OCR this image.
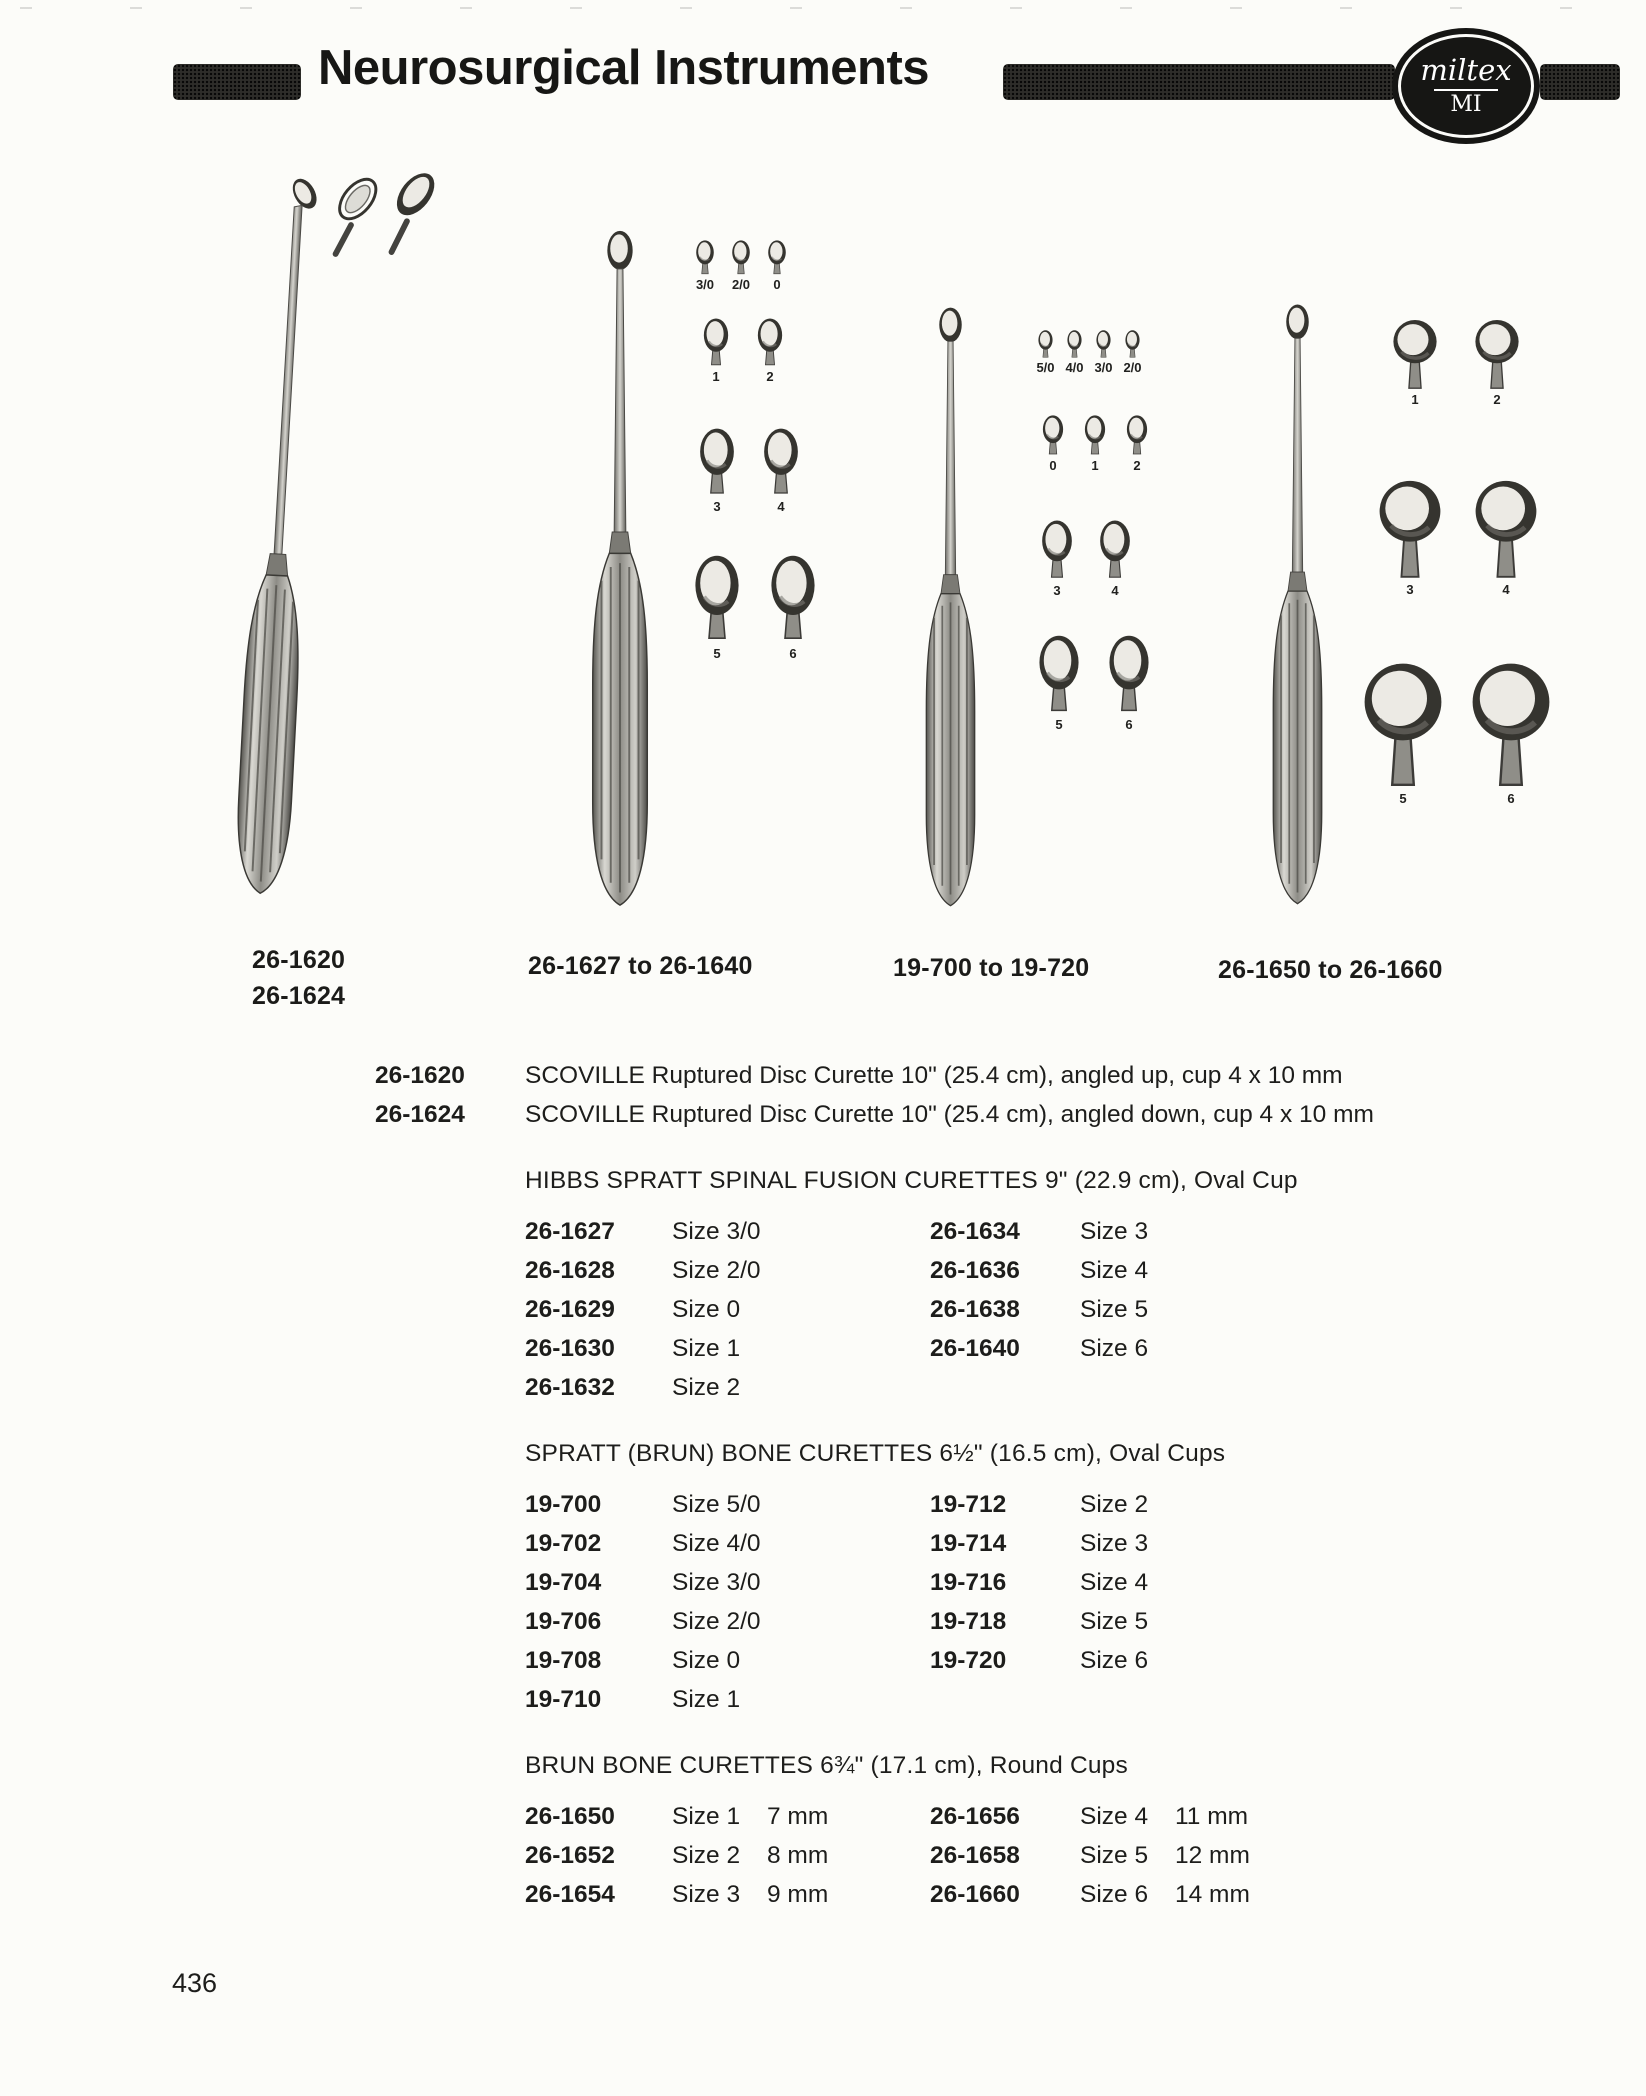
Neurosurgical Instruments	miltex
MI
26-1620
26-1624
3/0 2/0 0
1	2
3	4
5	6
26-1627 to 26-1640
5/0 4/0 3/0 2/0
0	1	2
3	4
5	6
19-700 to 19-720
1	2
3	4
5	6
26-1650 to 26-1660
26-1620	SCOVILLE Ruptured Disc Curette 10" (25.4 cm), angled up, cup 4 x 10 mm
26-1624	SCOVILLE Ruptured Disc Curette 10" (25.4 cm), angled down, cup 4 x 10 mm
HIBBS SPRATT SPINAL FUSION CURETTES 9" (22.9 cm), Oval Cup
26-1627	Size 3/0
26-1628	Size 2/0
26-1629	Size 0
26-1630	Size 1
26-1632	Size 2
26-1634	Size 3
26-1636	Size 4
26-1638	Size 5
26-1640	Size 6
SPRATT (BRUN) BONE CURETTES 6½" (16.5 cm), Oval Cups
19-700	Size 5/0
19-702	Size 4/0
19-704	Size 3/0
19-706	Size 2/0
19-708	Size 0
19-710	Size 1
19-712	Size 2
19-714	Size 3
19-716	Size 4
19-718	Size 5
19-720	Size 6
BRUN BONE CURETTES 6¾" (17.1 cm), Round Cups
26-1650	Size 1	7 mm
26-1652	Size 2	8 mm
26-1654	Size 3	9 mm
26-1656	Size 4	11 mm
26-1658	Size 5	12 mm
26-1660	Size 6	14 mm
436
